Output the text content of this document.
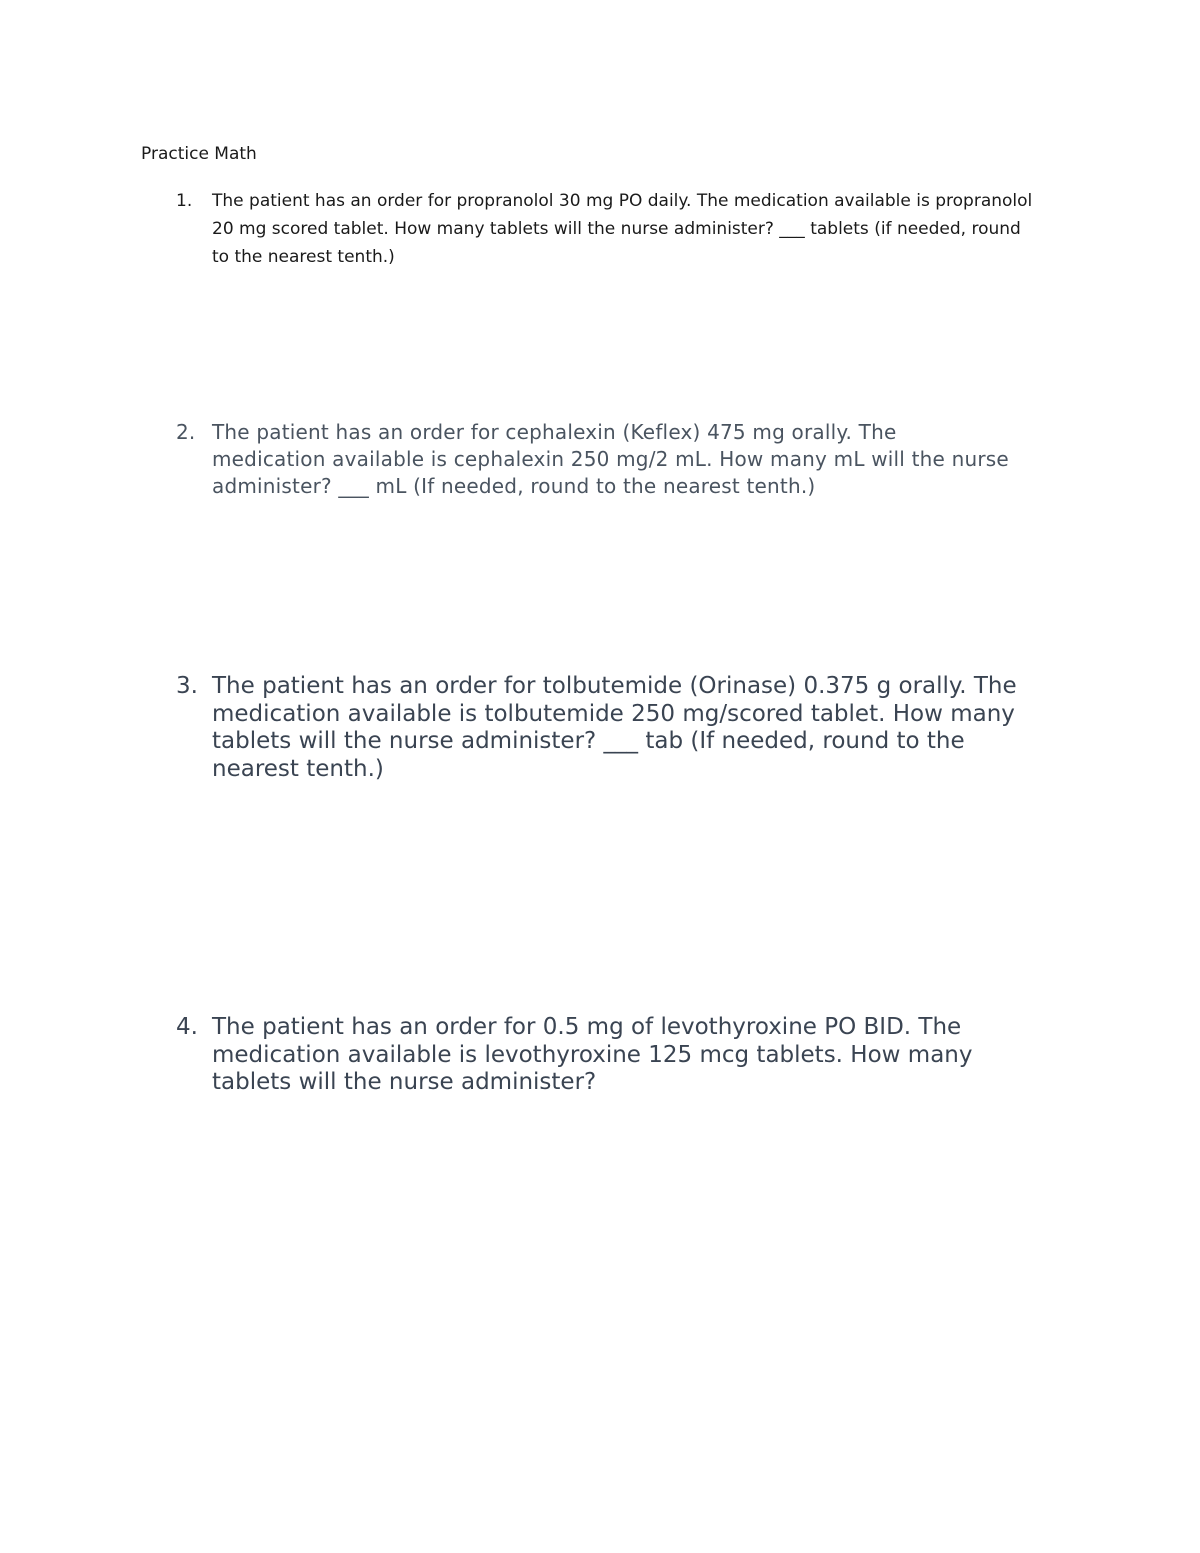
Practice Math
1. The patient has an order for propranolol 30 mg PO daily. The medication available is propranolol
20 mg scored tablet. How many tablets will the nurse administer? ___ tablets (if needed, round
to the nearest tenth.)
2. The patient has an order for cephalexin (Keflex) 475 mg orally. The
medication available is cephalexin 250 mg/2 mL. How many mL will the nurse
administer? ___ mL (If needed, round to the nearest tenth.)
3. The patient has an order for tolbutemide (Orinase) 0.375 g orally. The
medication available is tolbutemide 250 mg/scored tablet. How many
tablets will the nurse administer? ___ tab (If needed, round to the
nearest tenth.)
4. The patient has an order for 0.5 mg of levothyroxine PO BID. The
medication available is levothyroxine 125 mcg tablets. How many
tablets will the nurse administer?
